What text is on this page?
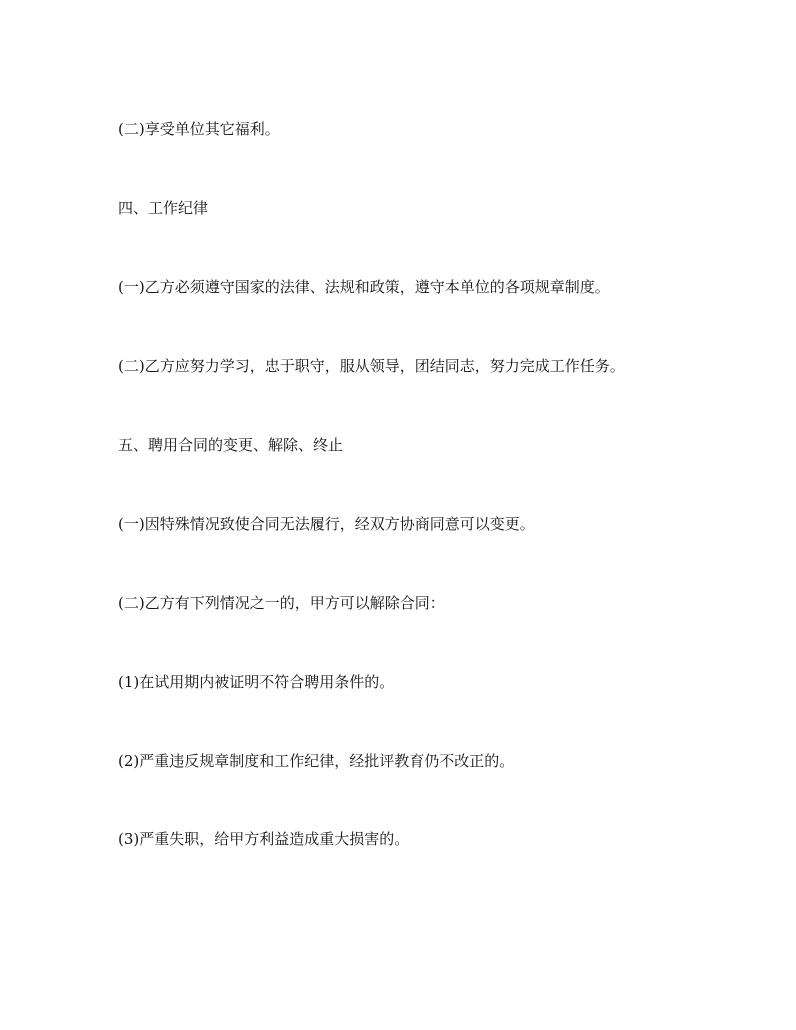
(二)享受单位其它福利。
四、工作纪律
(一)乙方必须遵守国家的法律、法规和政策，遵守本单位的各项规章制度。
(二)乙方应努力学习，忠于职守，服从领导，团结同志，努力完成工作任务。
五、聘用合同的变更、解除、终止
(一)因特殊情况致使合同无法履行，经双方协商同意可以变更。
(二)乙方有下列情况之一的，甲方可以解除合同：
(1)在试用期内被证明不符合聘用条件的。
(2)严重违反规章制度和工作纪律，经批评教育仍不改正的。
(3)严重失职，给甲方利益造成重大损害的。
